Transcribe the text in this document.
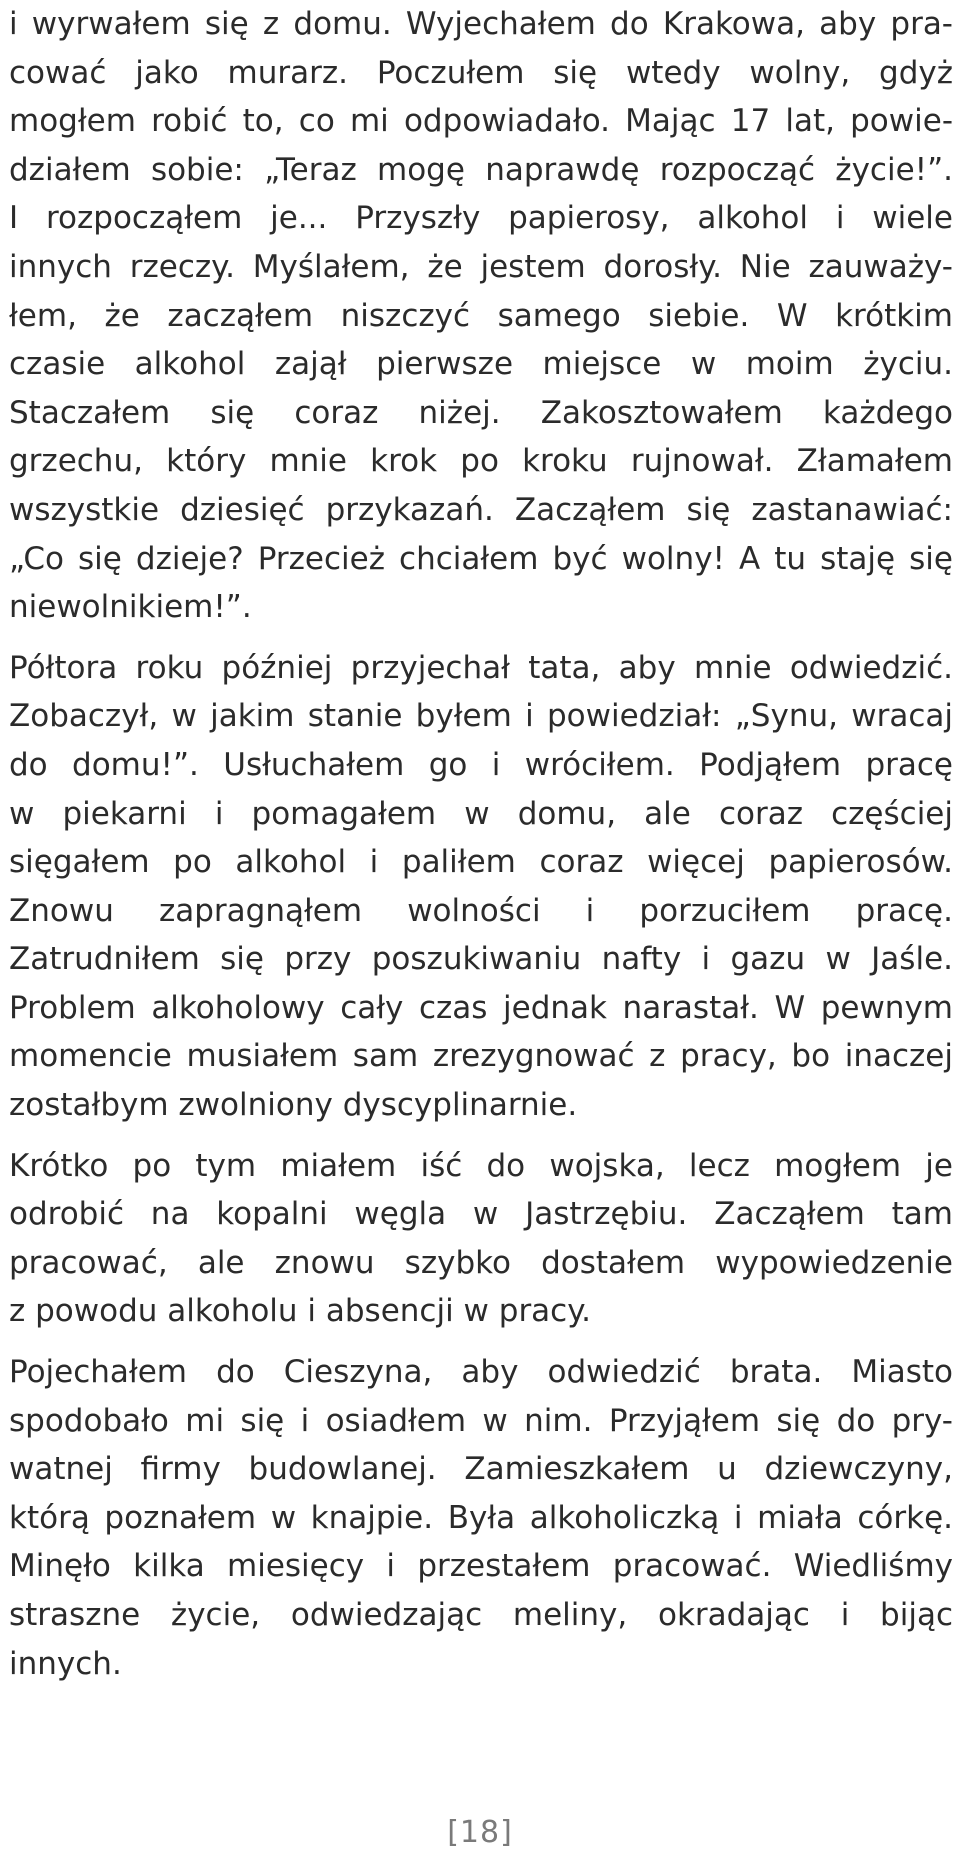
i wyrwałem się z domu. Wyjechałem do Krakowa, aby pra-
cować jako murarz. Poczułem się wtedy wolny, gdyż
mogłem robić to, co mi odpowiadało. Mając 17 lat, powie-
działem sobie: „Teraz mogę naprawdę rozpocząć życie!”.
I rozpocząłem je... Przyszły papierosy, alkohol i wiele
innych rzeczy. Myślałem, że jestem dorosły. Nie zauważy-
łem, że zacząłem niszczyć samego siebie. W krótkim
czasie alkohol zajął pierwsze miejsce w moim życiu.
Staczałem się coraz niżej. Zakosztowałem każdego
grzechu, który mnie krok po kroku rujnował. Złamałem
wszystkie dziesięć przykazań. Zacząłem się zastanawiać:
„Co się dzieje? Przecież chciałem być wolny! A tu staję się
niewolnikiem!”.

Półtora roku później przyjechał tata, aby mnie odwiedzić.
Zobaczył, w jakim stanie byłem i powiedział: „Synu, wracaj
do domu!”. Usłuchałem go i wróciłem. Podjąłem pracę
w piekarni i pomagałem w domu, ale coraz częściej
sięgałem po alkohol i paliłem coraz więcej papierosów.
Znowu zapragnąłem wolności i porzuciłem pracę.
Zatrudniłem się przy poszukiwaniu nafty i gazu w Jaśle.
Problem alkoholowy cały czas jednak narastał. W pewnym
momencie musiałem sam zrezygnować z pracy, bo inaczej
zostałbym zwolniony dyscyplinarnie.

Krótko po tym miałem iść do wojska, lecz mogłem je
odrobić na kopalni węgla w Jastrzębiu. Zacząłem tam
pracować, ale znowu szybko dostałem wypowiedzenie
z powodu alkoholu i absencji w pracy.

Pojechałem do Cieszyna, aby odwiedzić brata. Miasto
spodobało mi się i osiadłem w nim. Przyjąłem się do pry-
watnej firmy budowlanej. Zamieszkałem u dziewczyny,
którą poznałem w knajpie. Była alkoholiczką i miała córkę.
Minęło kilka miesięcy i przestałem pracować. Wiedliśmy
straszne życie, odwiedzając meliny, okradając i bijąc
innych.

[18]
